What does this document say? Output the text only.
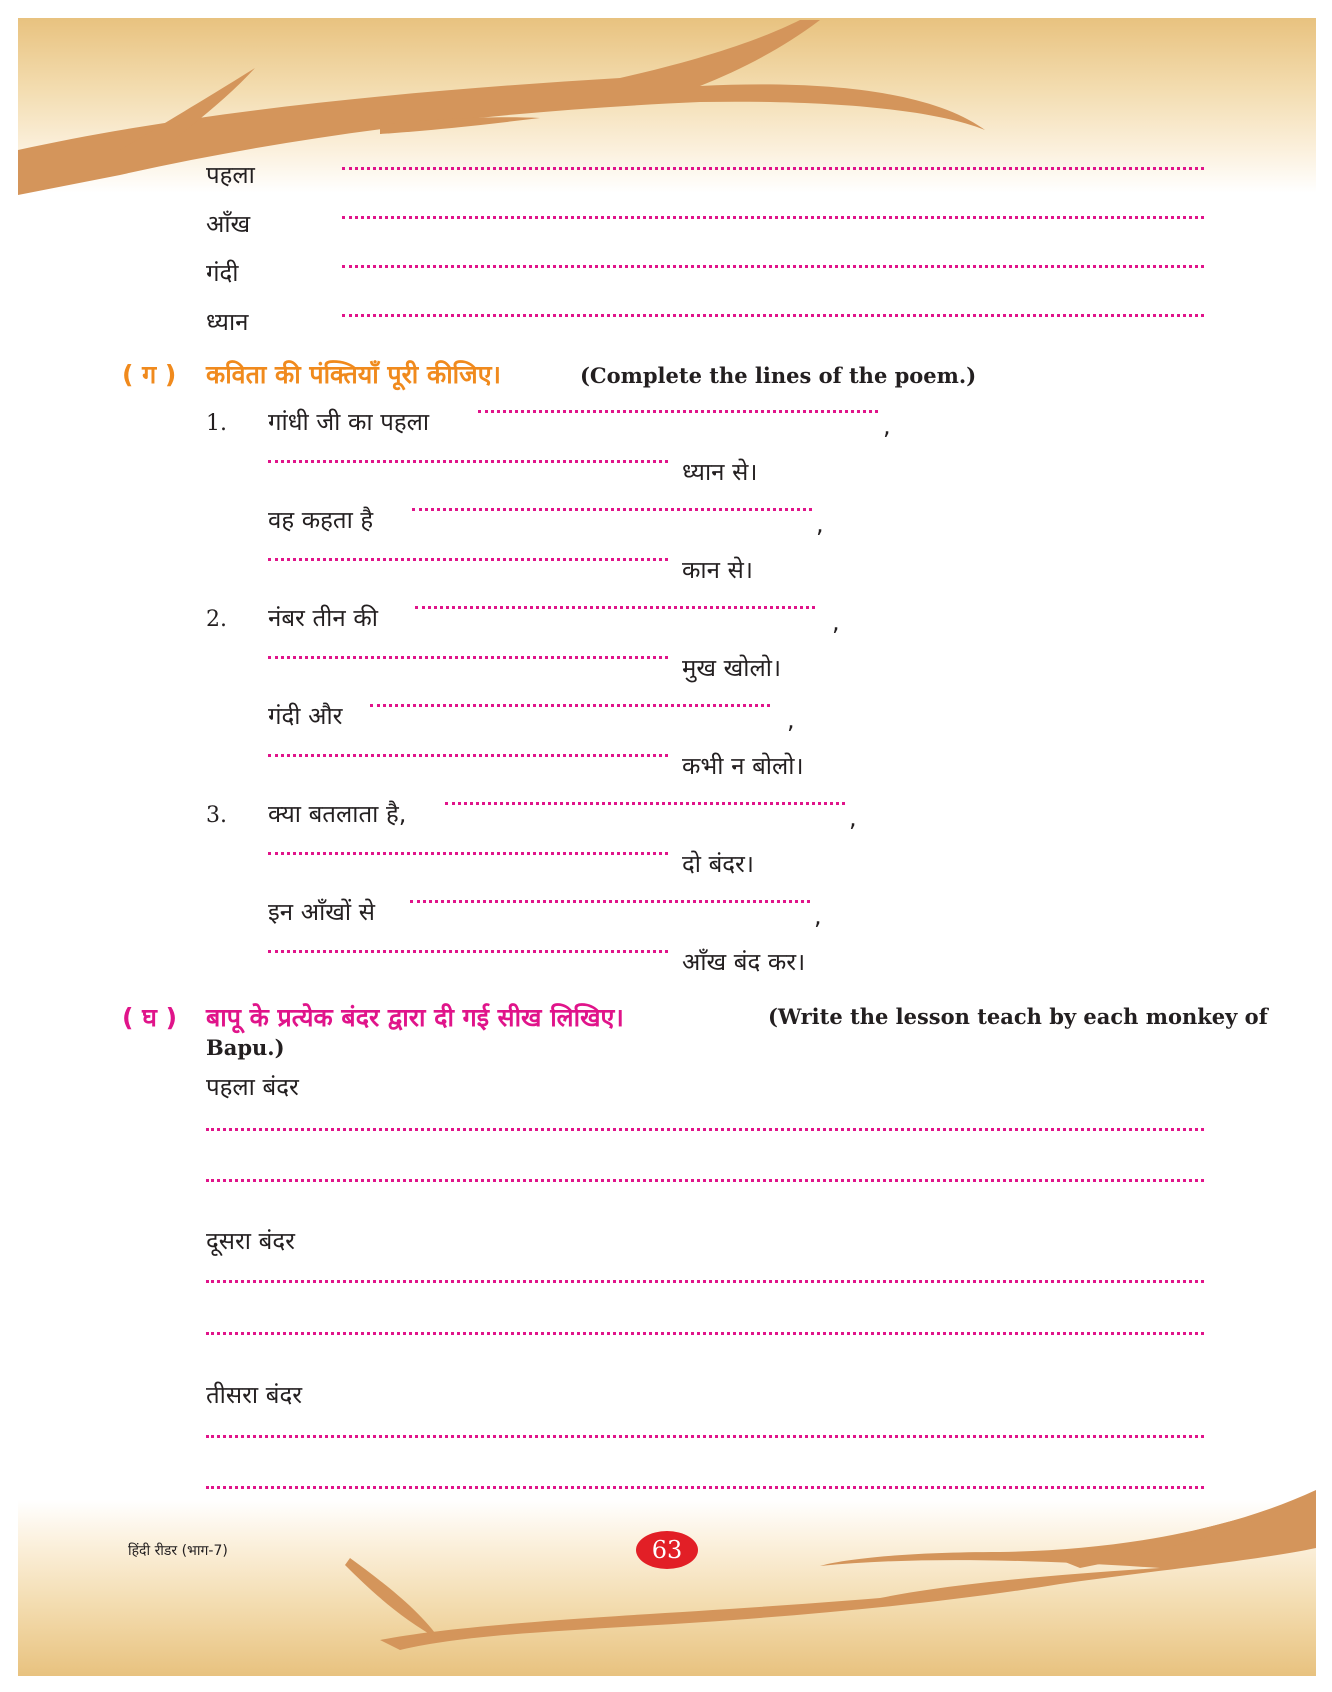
पहला
आँख
गंदी
ध्यान
( ग ) कविता की पंक्तियाँ पूरी कीजिए।	(Complete the lines of the poem.)
1. गांधी जी का पहला	,
ध्यान से।
वह कहता है	,
कान से।
2. नंबर तीन की	,
मुख खोलो।
गंदी और	,
कभी न बोलो।
3. क्या बतलाता है,	,
दो बंदर।
इन आँखों से	,
आँख बंद कर।
( घ ) बापू के प्रत्येक बंदर द्वारा दी गई सीख लिखिए।	(Write the lesson teach by each monkey of
Bapu.)
पहला बंदर
दूसरा बंदर
तीसरा बंदर
हिंदी रीडर (भाग-7)	63
